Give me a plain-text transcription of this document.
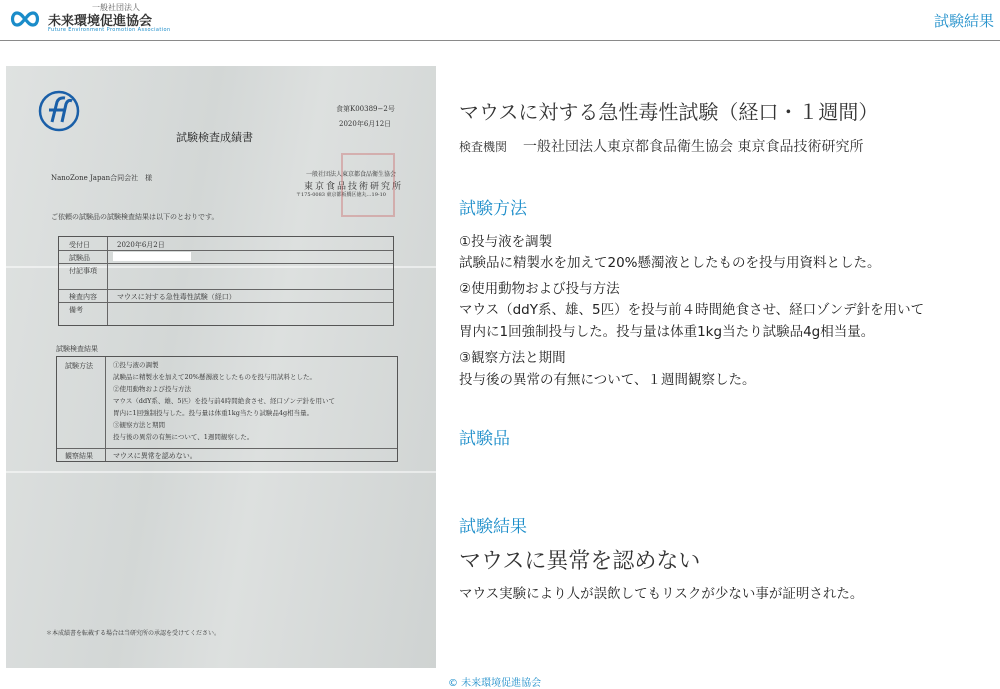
一般社団法人
未来環境促進協会
Future Environment Promotion Association	試験結果
食第K00389−2号
2020年6月12日
試験検査成績書
NanoZone Japan合同会社　様	一般社団法人東京都食品衛生協会
東京食品技術研究所
〒175-0083 東京都板橋区徳丸…19-10
ご依頼の試験品の試験検査結果は以下のとおりです。
受付日	2020年6月2日
試験品
付記事項
検査内容	マウスに対する急性毒性試験（経口）
備考
試験検査結果
試験方法	①投与液の調製
試験品に精製水を加えて20%懸濁液としたものを投与用試料とした。
②使用動物および投与方法
マウス（ddY系、雄、5匹）を投与前4時間絶食させ、経口ゾンデ針を用いて
胃内に1回強制投与した。投与量は体重1kg当たり試験品4g相当量。
③観察方法と期間
投与後の異常の有無について、1週間観察した。
観察結果	マウスに異常を認めない。
＊本成績書を転載する場合は当研究所の承認を受けてください。
マウスに対する急性毒性試験（経口・１週間）
検査機関 一般社団法人東京都食品衛生協会 東京食品技術研究所
試験方法
①投与液を調製
試験品に精製水を加えて20%懸濁液としたものを投与用資料とした。
②使用動物および投与方法
マウス（ddY系、雄、5匹）を投与前４時間絶食させ、経口ゾンデ針を用いて
胃内に1回強制投与した。投与量は体重1kg当たり試験品4g相当量。
③観察方法と期間
投与後の異常の有無について、１週間観察した。
試験品
試験結果
マウスに異常を認めない
マウス実験により人が誤飲してもリスクが少ない事が証明された。
© 未来環境促進協会
